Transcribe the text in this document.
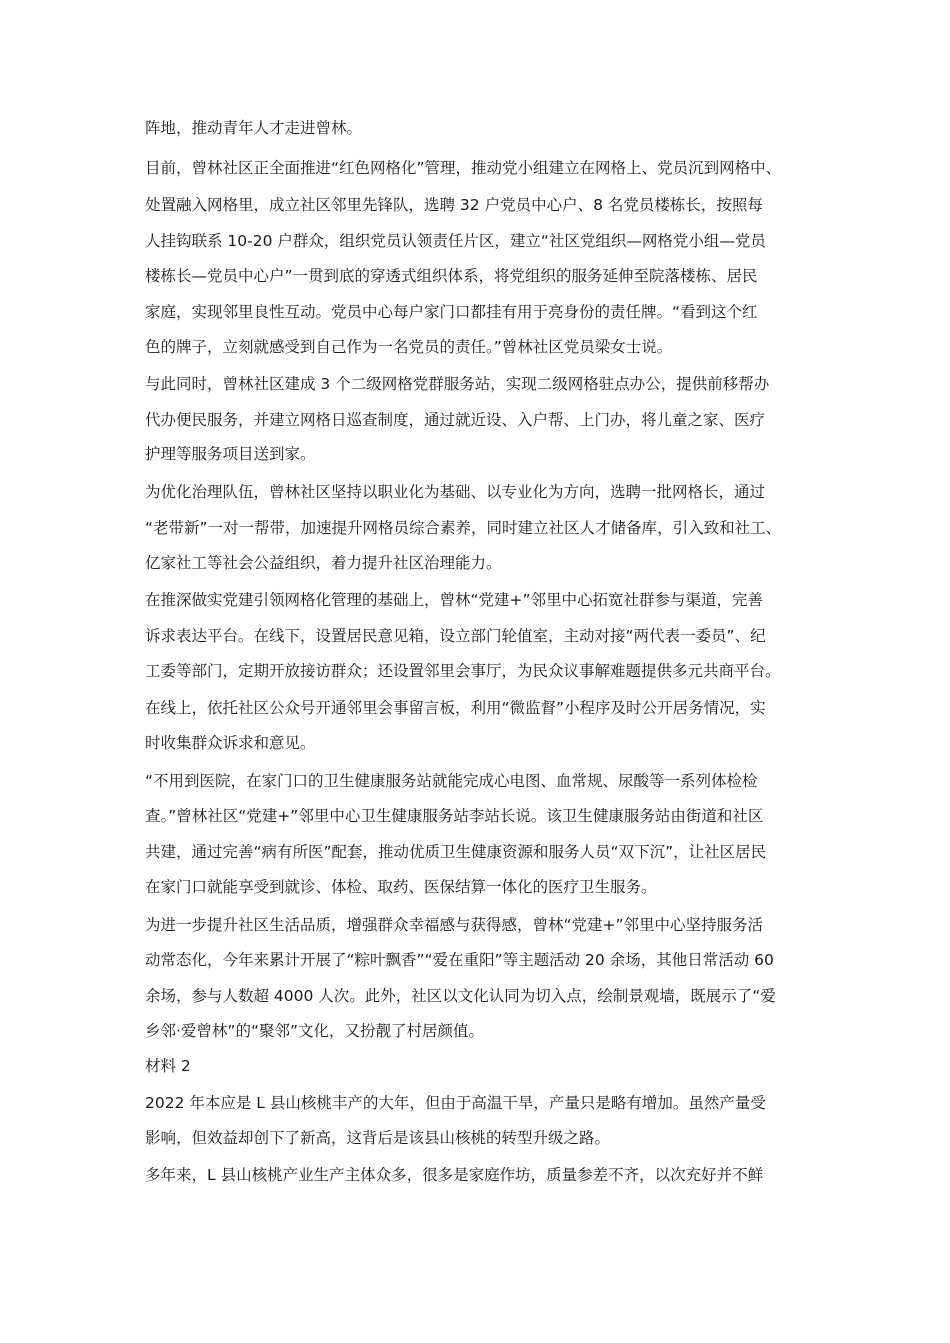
阵地，推动青年人才走进曾林。
目前，曾林社区正全面推进“红色网格化”管理，推动党小组建立在网格上、党员沉到网格中、
处置融入网格里，成立社区邻里先锋队，选聘 32 户党员中心户、8 名党员楼栋长，按照每
人挂钩联系 10-20 户群众，组织党员认领责任片区，建立“社区党组织—网格党小组—党员
楼栋长—党员中心户”一贯到底的穿透式组织体系，将党组织的服务延伸至院落楼栋、居民
家庭，实现邻里良性互动。党员中心每户家门口都挂有用于亮身份的责任牌。“看到这个红
色的牌子，立刻就感受到自己作为一名党员的责任。”曾林社区党员梁女士说。
与此同时，曾林社区建成 3 个二级网格党群服务站，实现二级网格驻点办公，提供前移帮办
代办便民服务，并建立网格日巡查制度，通过就近设、入户帮、上门办，将儿童之家、医疗
护理等服务项目送到家。
为优化治理队伍，曾林社区坚持以职业化为基础、以专业化为方向，选聘一批网格长，通过
“老带新”一对一帮带，加速提升网格员综合素养，同时建立社区人才储备库，引入致和社工、
亿家社工等社会公益组织，着力提升社区治理能力。
在推深做实党建引领网格化管理的基础上，曾林“党建+”邻里中心拓宽社群参与渠道，完善
诉求表达平台。在线下，设置居民意见箱，设立部门轮值室，主动对接“两代表一委员”、纪
工委等部门，定期开放接访群众；还设置邻里会事厅，为民众议事解难题提供多元共商平台。
在线上，依托社区公众号开通邻里会事留言板，利用“微监督”小程序及时公开居务情况，实
时收集群众诉求和意见。
“不用到医院，在家门口的卫生健康服务站就能完成心电图、血常规、尿酸等一系列体检检
查。”曾林社区“党建+”邻里中心卫生健康服务站李站长说。该卫生健康服务站由街道和社区
共建，通过完善“病有所医”配套，推动优质卫生健康资源和服务人员“双下沉”，让社区居民
在家门口就能享受到就诊、体检、取药、医保结算一体化的医疗卫生服务。
为进一步提升社区生活品质，增强群众幸福感与获得感，曾林“党建+”邻里中心坚持服务活
动常态化，今年来累计开展了“粽叶飘香”“爱在重阳”等主题活动 20 余场，其他日常活动 60
余场，参与人数超 4000 人次。此外，社区以文化认同为切入点，绘制景观墙，既展示了“爱
乡邻·爱曾林”的“聚邻”文化，又扮靓了村居颜值。
材料 2
2022 年本应是 L 县山核桃丰产的大年，但由于高温干旱，产量只是略有增加。虽然产量受
影响，但效益却创下了新高，这背后是该县山核桃的转型升级之路。
多年来，L 县山核桃产业生产主体众多，很多是家庭作坊，质量参差不齐，以次充好并不鲜
